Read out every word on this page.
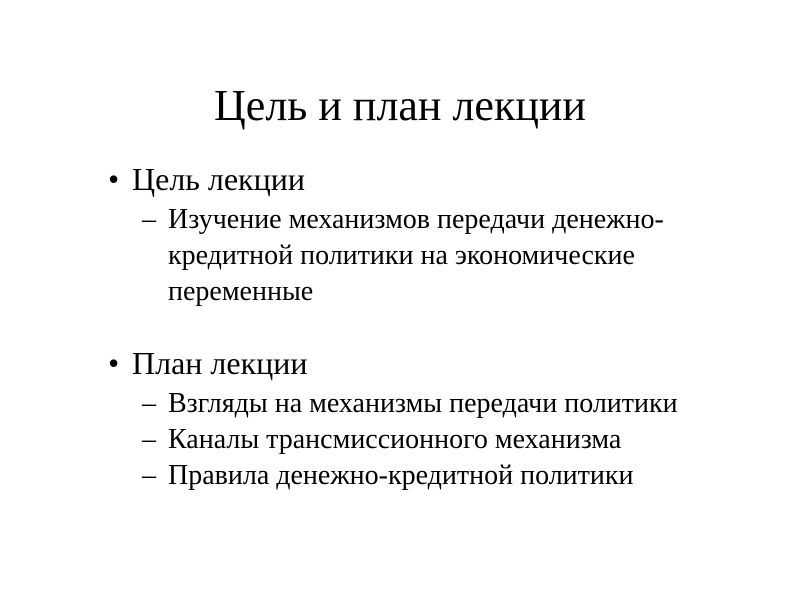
Цель и план лекции
• Цель лекции
– Изучение механизмов передачи денежно-кредитной политики на экономические переменные
• План лекции
– Взгляды на механизмы передачи политики
– Каналы трансмиссионного механизма
– Правила денежно-кредитной политики
